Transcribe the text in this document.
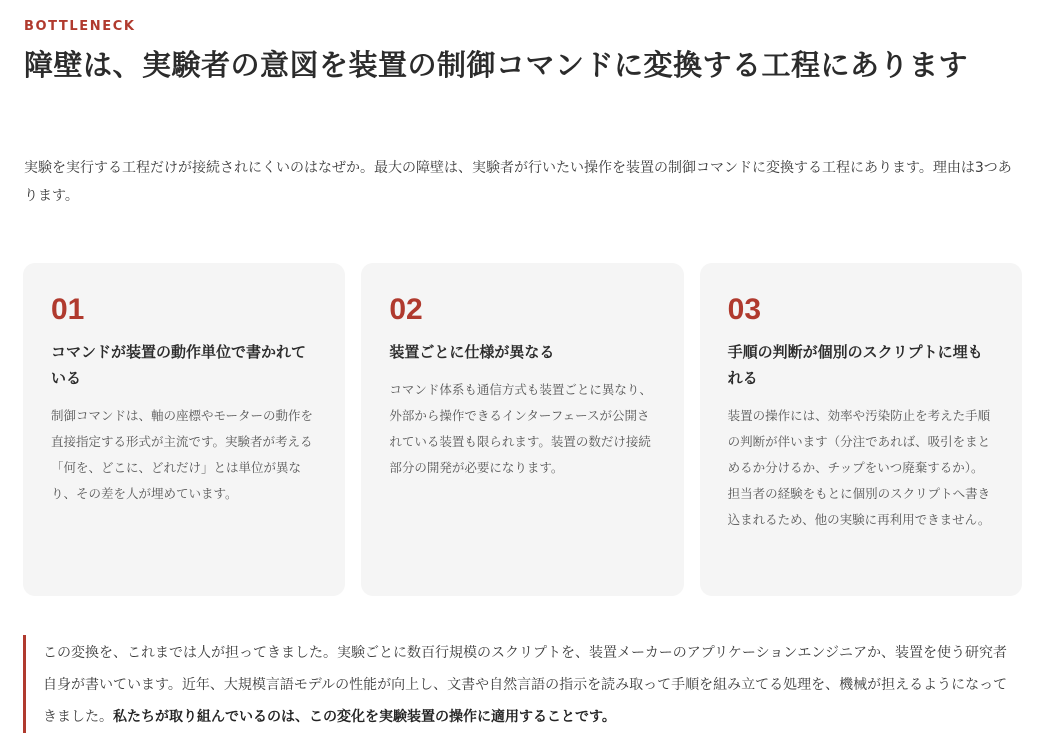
BOTTLENECK
障壁は、実験者の意図を装置の制御コマンドに変換する工程にあります

実験を実行する工程だけが接続されにくいのはなぜか。最大の障壁は、実験者が行いたい操作を装置の制御コマンドに変換する工程にあります。理由は3つあります。

01
コマンドが装置の動作単位で書かれている

制御コマンドは、軸の座標やモーターの動作を直接指定する形式が主流です。実験者が考える「何を、どこに、どれだけ」とは単位が異なり、その差を人が埋めています。

02
装置ごとに仕様が異なる

コマンド体系も通信方式も装置ごとに異なり、外部から操作できるインターフェースが公開されている装置も限られます。装置の数だけ接続部分の開発が必要になります。

03
手順の判断が個別のスクリプトに埋もれる

装置の操作には、効率や汚染防止を考えた手順の判断が伴います（分注であれば、吸引をまとめるか分けるか、チップをいつ廃棄するか）。担当者の経験をもとに個別のスクリプトへ書き込まれるため、他の実験に再利用できません。

この変換を、これまでは人が担ってきました。実験ごとに数百行規模のスクリプトを、装置メーカーのアプリケーションエンジニアか、装置を使う研究者自身が書いています。近年、大規模言語モデルの性能が向上し、文書や自然言語の指示を読み取って手順を組み立てる処理を、機械が担えるようになってきました。私たちが取り組んでいるのは、この変化を実験装置の操作に適用することです。
